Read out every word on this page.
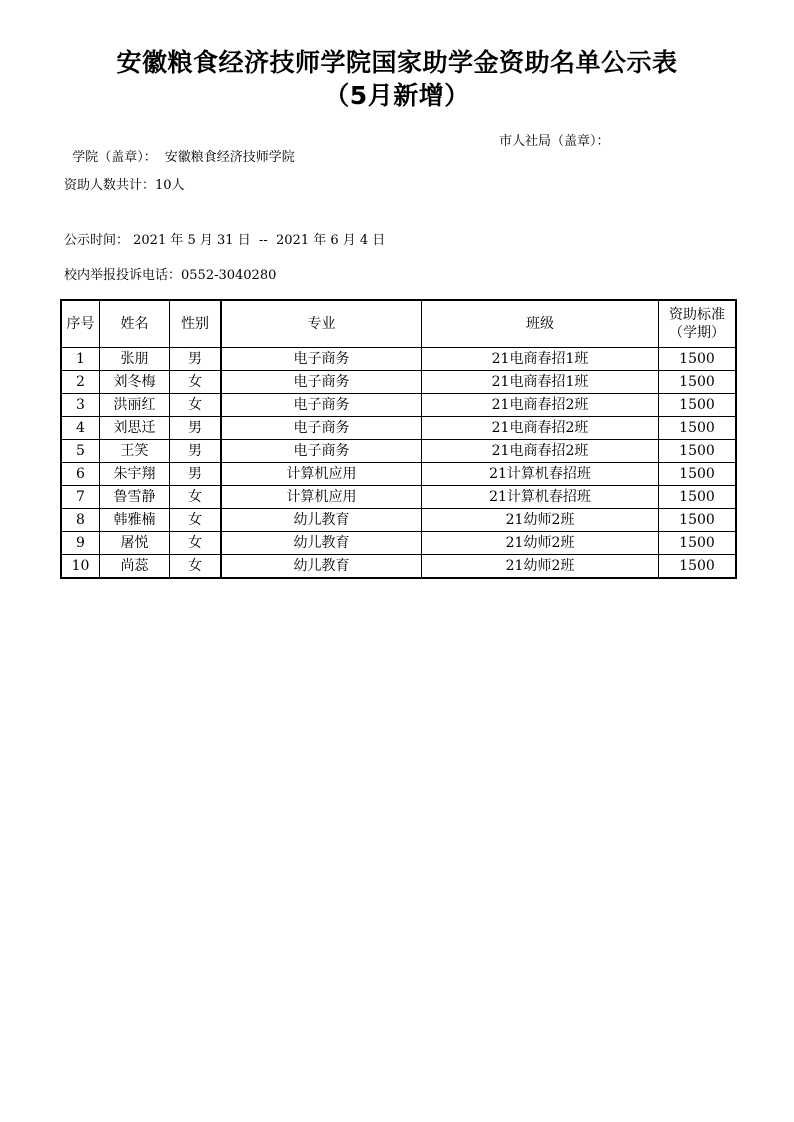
安徽粮食经济技师学院国家助学金资助名单公示表
（5月新增）

学院（盖章）： 安徽粮食经济技师学院

市人社局（盖章）：
资助人数共计：10人
公示时间： 2021 年 5 月 31 日  --  2021 年 6 月 4 日
校内举报投诉电话：0552-3040280
序号	姓名	性别	专业	班级	资助标准
（学期）
1	张朋	男	电子商务	21电商春招1班	1500
2	刘冬梅	女	电子商务	21电商春招1班	1500
3	洪丽红	女	电子商务	21电商春招2班	1500
4	刘思迁	男	电子商务	21电商春招2班	1500
5	王笑	男	电子商务	21电商春招2班	1500
6	朱宇翔	男	计算机应用	21计算机春招班	1500
7	鲁雪静	女	计算机应用	21计算机春招班	1500
8	韩雅楠	女	幼儿教育	21幼师2班	1500
9	屠悦	女	幼儿教育	21幼师2班	1500
10	尚蕊	女	幼儿教育	21幼师2班	1500
